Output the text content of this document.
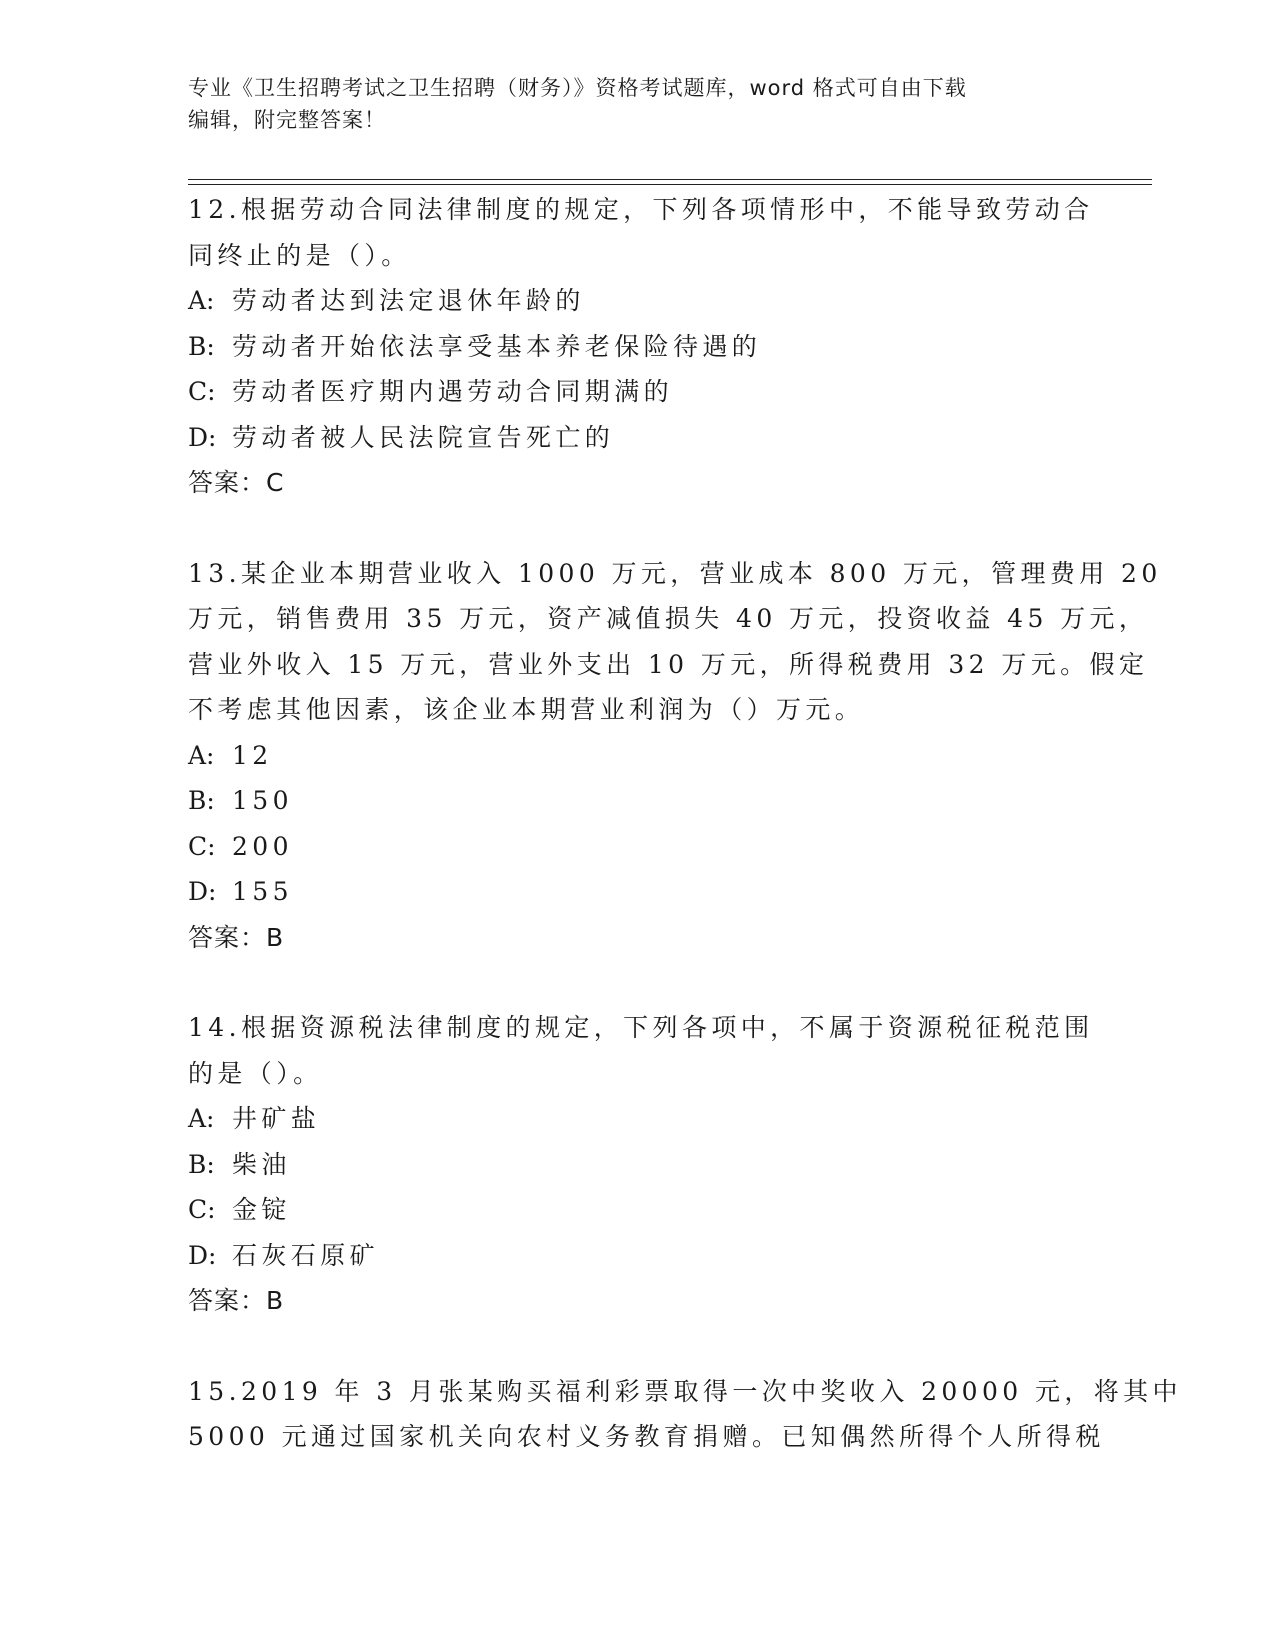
专业《卫生招聘考试之卫生招聘（财务）》资格考试题库，word 格式可自由下载
编辑，附完整答案！
12.根据劳动合同法律制度的规定，下列各项情形中，不能导致劳动合
同终止的是（）。
A: 劳动者达到法定退休年龄的
B: 劳动者开始依法享受基本养老保险待遇的
C: 劳动者医疗期内遇劳动合同期满的
D: 劳动者被人民法院宣告死亡的
答案：C
13.某企业本期营业收入 1000 万元，营业成本 800 万元，管理费用 20
万元，销售费用 35 万元，资产减值损失 40 万元，投资收益 45 万元，
营业外收入 15 万元，营业外支出 10 万元，所得税费用 32 万元。假定
不考虑其他因素，该企业本期营业利润为（）万元。
A: 12
B: 150
C: 200
D: 155
答案：B
14.根据资源税法律制度的规定，下列各项中，不属于资源税征税范围
的是（）。
A: 井矿盐
B: 柴油
C: 金锭
D: 石灰石原矿
答案：B
15.2019 年 3 月张某购买福利彩票取得一次中奖收入 20000 元，将其中
5000 元通过国家机关向农村义务教育捐赠。已知偶然所得个人所得税
